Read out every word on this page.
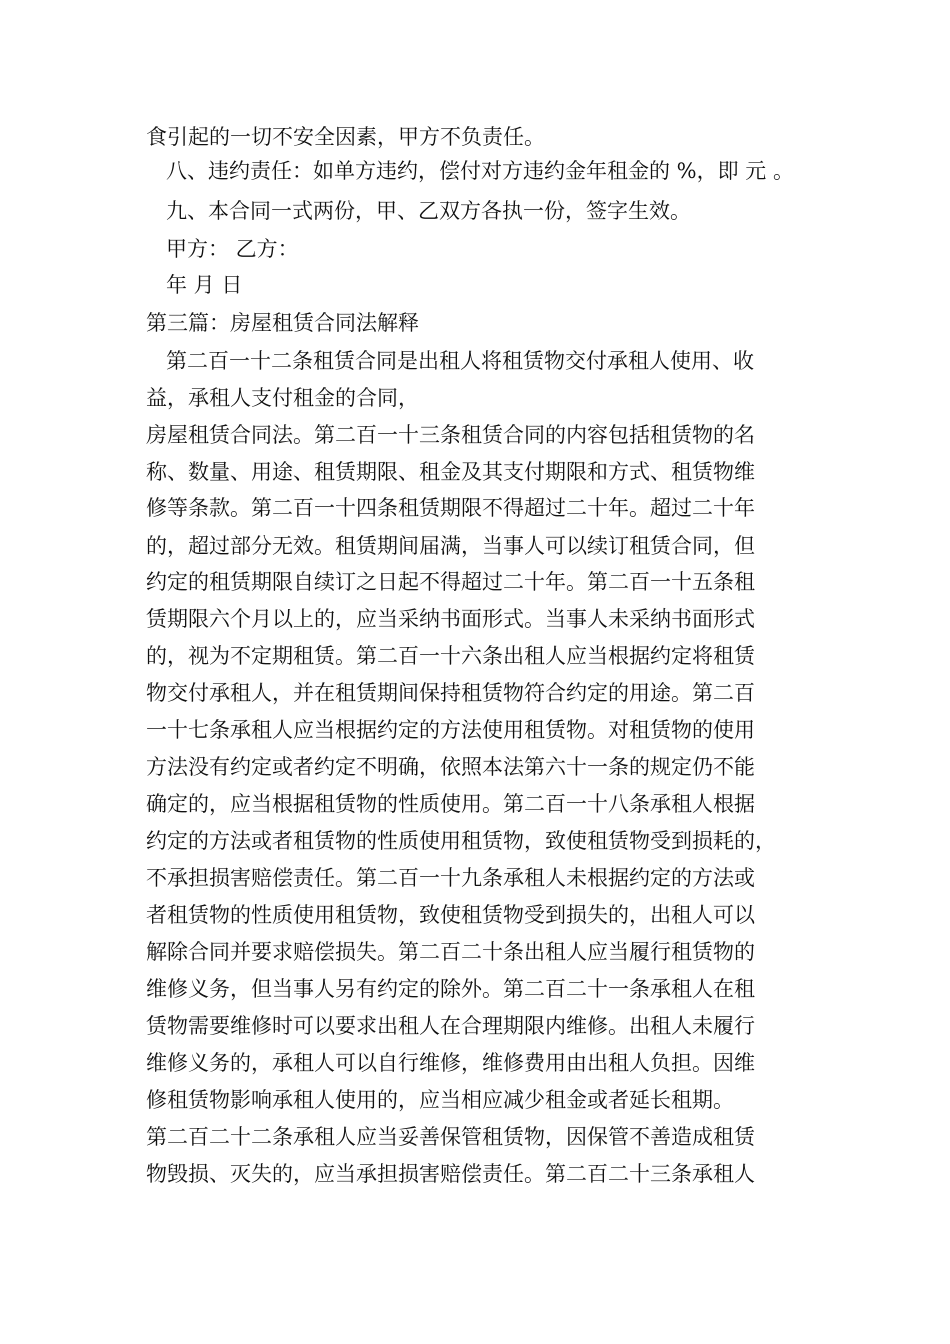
食引起的一切不安全因素，甲方不负责任。
八、违约责任：如单方违约，偿付对方违约金年租金的 %，即 元 。
九、本合同一式两份，甲、乙双方各执一份，签字生效。
甲方： 乙方：
年 月 日
第三篇：房屋租赁合同法解释
第二百一十二条租赁合同是出租人将租赁物交付承租人使用、收
益，承租人支付租金的合同，
房屋租赁合同法。第二百一十三条租赁合同的内容包括租赁物的名
称、数量、用途、租赁期限、租金及其支付期限和方式、租赁物维
修等条款。第二百一十四条租赁期限不得超过二十年。超过二十年
的，超过部分无效。租赁期间届满，当事人可以续订租赁合同，但
约定的租赁期限自续订之日起不得超过二十年。第二百一十五条租
赁期限六个月以上的，应当采纳书面形式。当事人未采纳书面形式
的，视为不定期租赁。第二百一十六条出租人应当根据约定将租赁
物交付承租人，并在租赁期间保持租赁物符合约定的用途。第二百
一十七条承租人应当根据约定的方法使用租赁物。对租赁物的使用
方法没有约定或者约定不明确，依照本法第六十一条的规定仍不能
确定的，应当根据租赁物的性质使用。第二百一十八条承租人根据
约定的方法或者租赁物的性质使用租赁物，致使租赁物受到损耗的，
不承担损害赔偿责任。第二百一十九条承租人未根据约定的方法或
者租赁物的性质使用租赁物，致使租赁物受到损失的，出租人可以
解除合同并要求赔偿损失。第二百二十条出租人应当履行租赁物的
维修义务，但当事人另有约定的除外。第二百二十一条承租人在租
赁物需要维修时可以要求出租人在合理期限内维修。出租人未履行
维修义务的，承租人可以自行维修，维修费用由出租人负担。因维
修租赁物影响承租人使用的，应当相应减少租金或者延长租期。
第二百二十二条承租人应当妥善保管租赁物，因保管不善造成租赁
物毁损、灭失的，应当承担损害赔偿责任。第二百二十三条承租人
